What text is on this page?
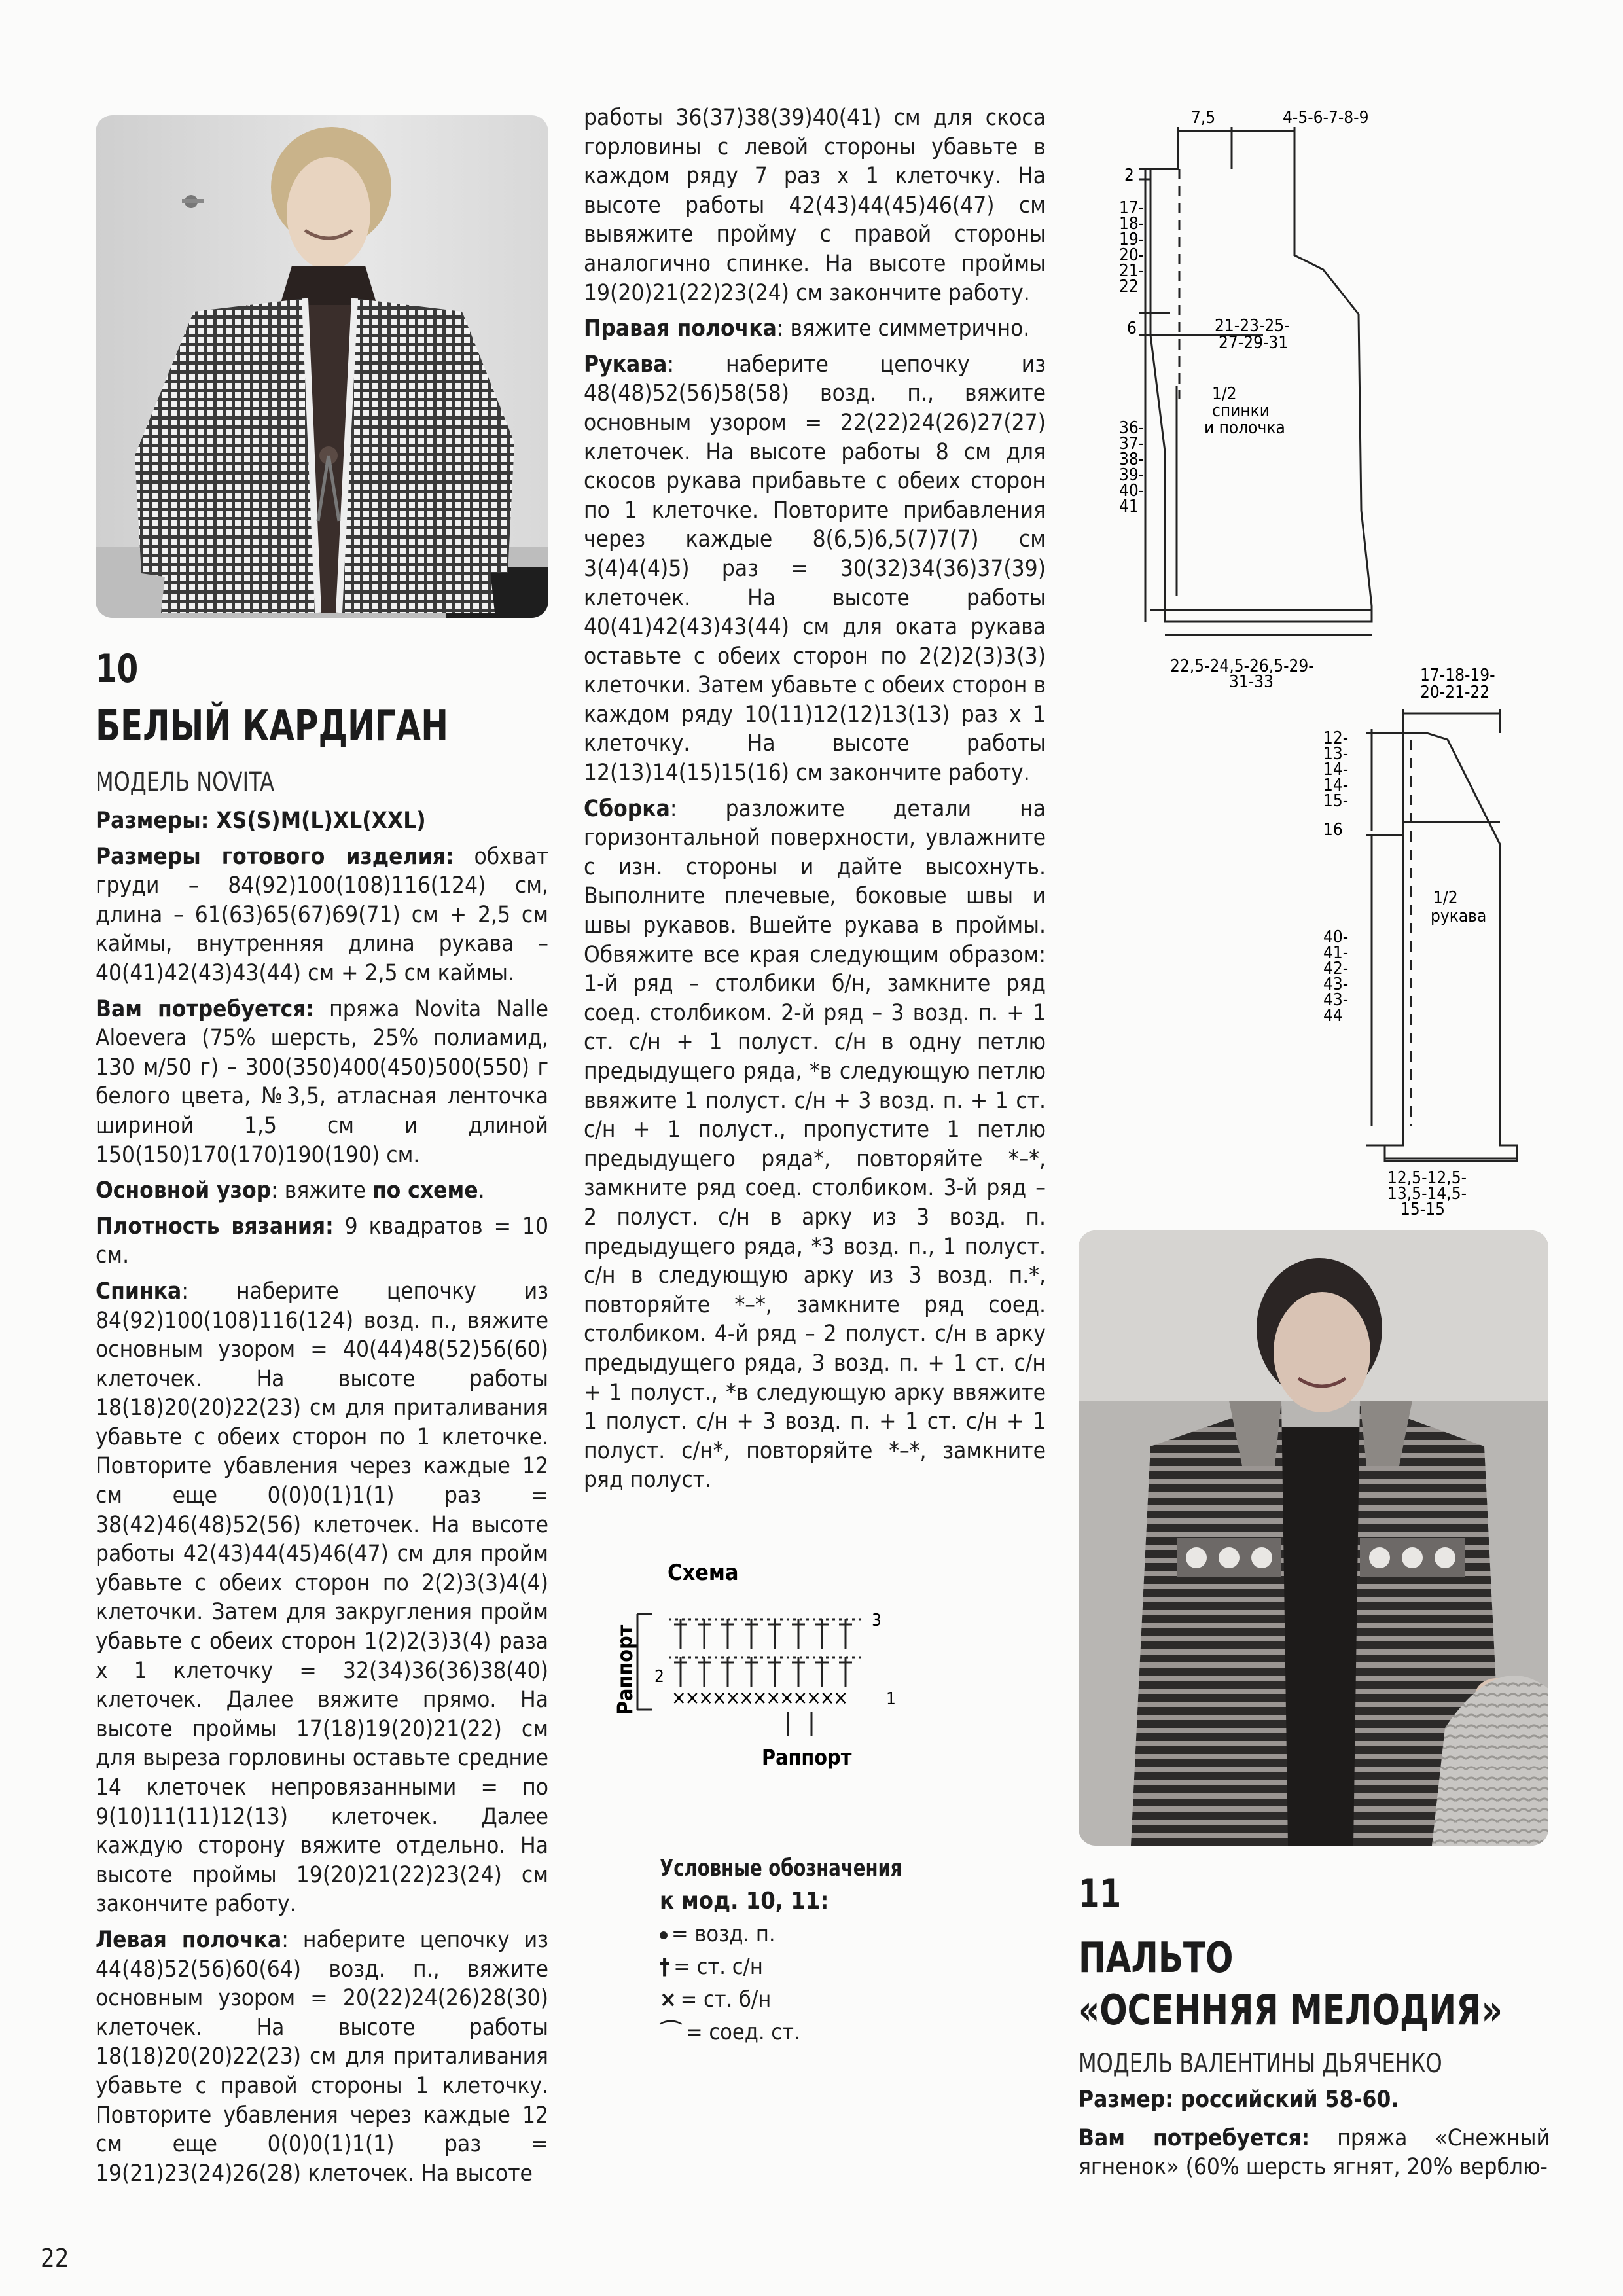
10
БЕЛЫЙ КАРДИГАН
МОДЕЛЬ NOVITA

Размеры: XS(S)M(L)XL(XXL)

Размеры готового изделия: обхват груди – 84(92)100(108)116(124) см, длина – 61(63)65(67)69(71) см + 2,5 см каймы, внутренняя длина рукава – 40(41)42(43)43(44) см + 2,5 см каймы.

Вам потребуется: пряжа Novita Nalle Aloevera (75% шерсть, 25% полиамид, 130 м/50 г) – 300(350)400(450)500(550) г белого цвета, №3,5, атласная ленточка шириной 1,5 см и длиной 150(150)170(170)190(190) см.

Основной узор: вяжите по схеме.

Плотность вязания: 9 квадратов = 10 см.

Спинка: наберите цепочку из 84(92)100(108)116(124) возд. п., вяжите основным узором = 40(44)48(52)56(60) клеточек. На высоте работы 18(18)20(20)22(23) см для приталивания убавьте с обеих сторон по 1 клеточке. Повторите убавления через каждые 12 см еще 0(0)0(1)1(1) раз = 38(42)46(48)52(56) клеточек. На высоте работы 42(43)44(45)46(47) см для пройм убавьте с обеих сторон по 2(2)3(3)4(4) клеточки. Затем для закругления пройм убавьте с обеих сторон 1(2)2(3)3(4) раза x 1 клеточку = 32(34)36(36)38(40) клеточек. Далее вяжите прямо. На высоте проймы 17(18)19(20)21(22) см для выреза горловины оставьте средние 14 клеточек непровязанными = по 9(10)11(11)12(13) клеточек. Далее каждую сторону вяжите отдельно. На высоте проймы 19(20)21(22)23(24) см закончите работу.

Левая полочка: наберите цепочку из 44(48)52(56)60(64) возд. п., вяжите основным узором = 20(22)24(26)28(30) клеточек. На высоте работы 18(18)20(20)22(23) см для приталивания убавьте с правой стороны 1 клеточку. Повторите убавления через каждые 12 см еще 0(0)0(1)1(1) раз = 19(21)23(24)26(28) клеточек. На высоте

работы 36(37)38(39)40(41) см для скоса горловины с левой стороны убавьте в каждом ряду 7 раз x 1 клеточку. На высоте работы 42(43)44(45)46(47) см вывяжите пройму с правой стороны аналогично спинке. На высоте проймы 19(20)21(22)23(24) см закончите работу.

Правая полочка: вяжите симметрично.

Рукава: наберите цепочку из 48(48)52(56)58(58) возд. п., вяжите основным узором = 22(22)24(26)27(27) клеточек. На высоте работы 8 см для скосов рукава прибавьте с обеих сторон по 1 клеточке. Повторите прибавления через каждые 8(6,5)6,5(7)7(7) см 3(4)4(4)5) раз = 30(32)34(36)37(39) клеточек. На высоте работы 40(41)42(43)43(44) см для оката рукава оставьте с обеих сторон по 2(2)2(3)3(3) клеточки. Затем убавьте с обеих сторон в каждом ряду 10(11)12(12)13(13) раз x 1 клеточку. На высоте работы 12(13)14(15)15(16) см закончите работу.

Сборка: разложите детали на горизонтальной поверхности, увлажните с изн. стороны и дайте высохнуть. Выполните плечевые, боковые швы и швы рукавов. Вшейте рукава в проймы. Обвяжите все края следующим образом: 1-й ряд – столбики б/н, замкните ряд соед. столбиком. 2-й ряд – 3 возд. п. + 1 ст. с/н + 1 полуст. с/н в одну петлю предыдущего ряда, *в следующую петлю ввяжите 1 полуст. с/н + 3 возд. п. + 1 ст. с/н + 1 полуст., пропустите 1 петлю предыдущего ряда*, повторяйте *–*, замкните ряд соед. столбиком. 3-й ряд – 2 полуст. с/н в арку из 3 возд. п. предыдущего ряда, *3 возд. п., 1 полуст. с/н в следующую арку из 3 возд. п.*, повторяйте *–*, замкните ряд соед. столбиком. 4-й ряд – 2 полуст. с/н в арку предыдущего ряда, 3 возд. п. + 1 ст. с/н + 1 полуст., *в следующую арку ввяжите 1 полуст. с/н + 3 возд. п. + 1 ст. с/н + 1 полуст. с/н*, повторяйте *–*, замкните ряд полуст.

Схема
Раппорт
3
2
××××××××××××× 1
Раппорт
Условные обозначения
к мод. 10, 11:
= возд. п.
† = ст. с/н
× = ст. б/н
⌒ = соед. ст.
7,5	4-5-6-7-8-9
2
17-
18-
19-
20-
21-
22
6
36-
37-
38-
39-
40-
41
21-23-25-
27-29-31
1/2
спинки
и полочка
22,5-24,5-26,5-29-
31-33	17-18-19-
20-21-22
12-
13-
14-
14-
15-
16
40-
41-
42-
43-
43-
44
1/2
рукава
12,5-12,5-
13,5-14,5-
15-15
11
ПАЛЬТО
«ОСЕННЯЯ МЕЛОДИЯ»
МОДЕЛЬ ВАЛЕНТИНЫ ДЬЯЧЕНКО

Размер: российский 58-60.

Вам потребуется: пряжа «Снежный ягненок» (60% шерсть ягнят, 20% верблю-

22
